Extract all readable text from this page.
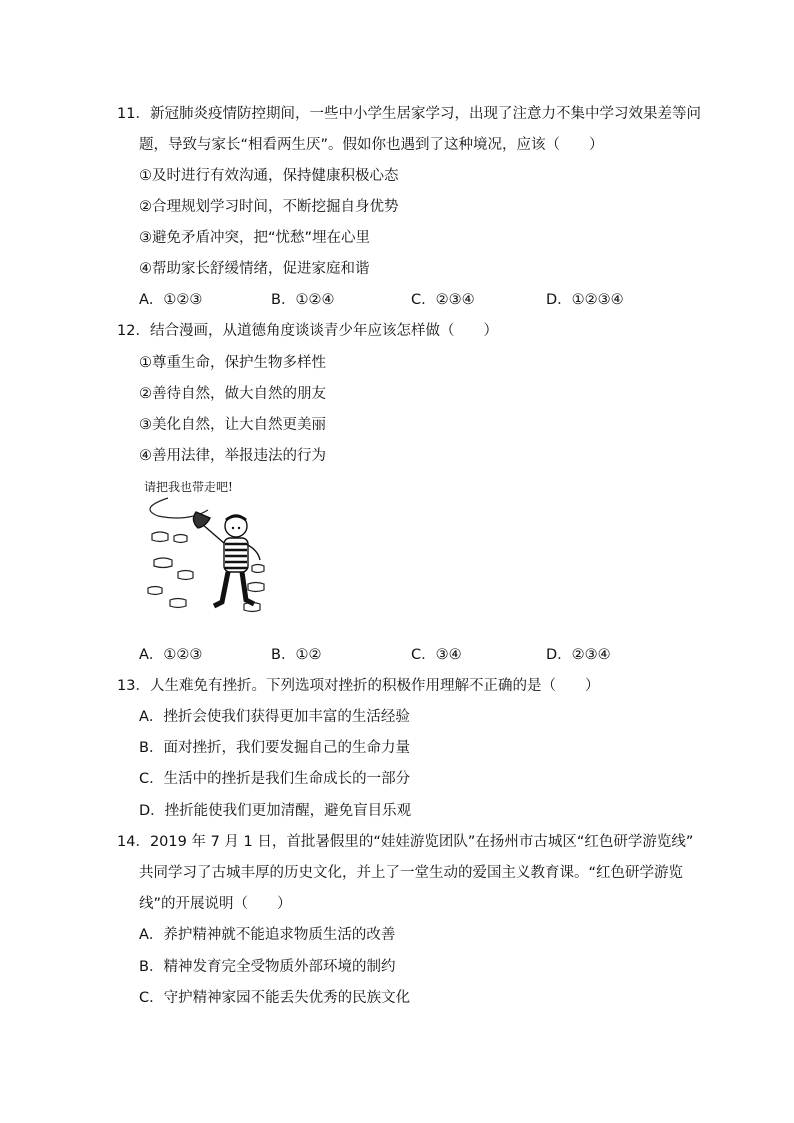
11．新冠肺炎疫情防控期间，一些中小学生居家学习，出现了注意力不集中学习效果差等问
题，导致与家长“相看两生厌”。假如你也遇到了这种境况，应该（　　）
①及时进行有效沟通，保持健康积极心态
②合理规划学习时间，不断挖掘自身优势
③避免矛盾冲突，把“忧愁”埋在心里
④帮助家长舒缓情绪，促进家庭和谐
A．①②③	B．①②④	C．②③④	D．①②③④
12．结合漫画，从道德角度谈谈青少年应该怎样做（　　）
①尊重生命，保护生物多样性
②善待自然，做大自然的朋友
③美化自然，让大自然更美丽
④善用法律，举报违法的行为
请把我也带走吧!
A．①②③	B．①②	C．③④	D．②③④
13．人生难免有挫折。下列选项对挫折的积极作用理解不正确的是（　　）
A．挫折会使我们获得更加丰富的生活经验
B．面对挫折，我们要发掘自己的生命力量
C．生活中的挫折是我们生命成长的一部分
D．挫折能使我们更加清醒，避免盲目乐观
14．2019 年 7 月 1 日，首批暑假里的“娃娃游览团队”在扬州市古城区“红色研学游览线”
共同学习了古城丰厚的历史文化，并上了一堂生动的爱国主义教育课。“红色研学游览
线”的开展说明（　　）
A．养护精神就不能追求物质生活的改善
B．精神发育完全受物质外部环境的制约
C．守护精神家园不能丢失优秀的民族文化
